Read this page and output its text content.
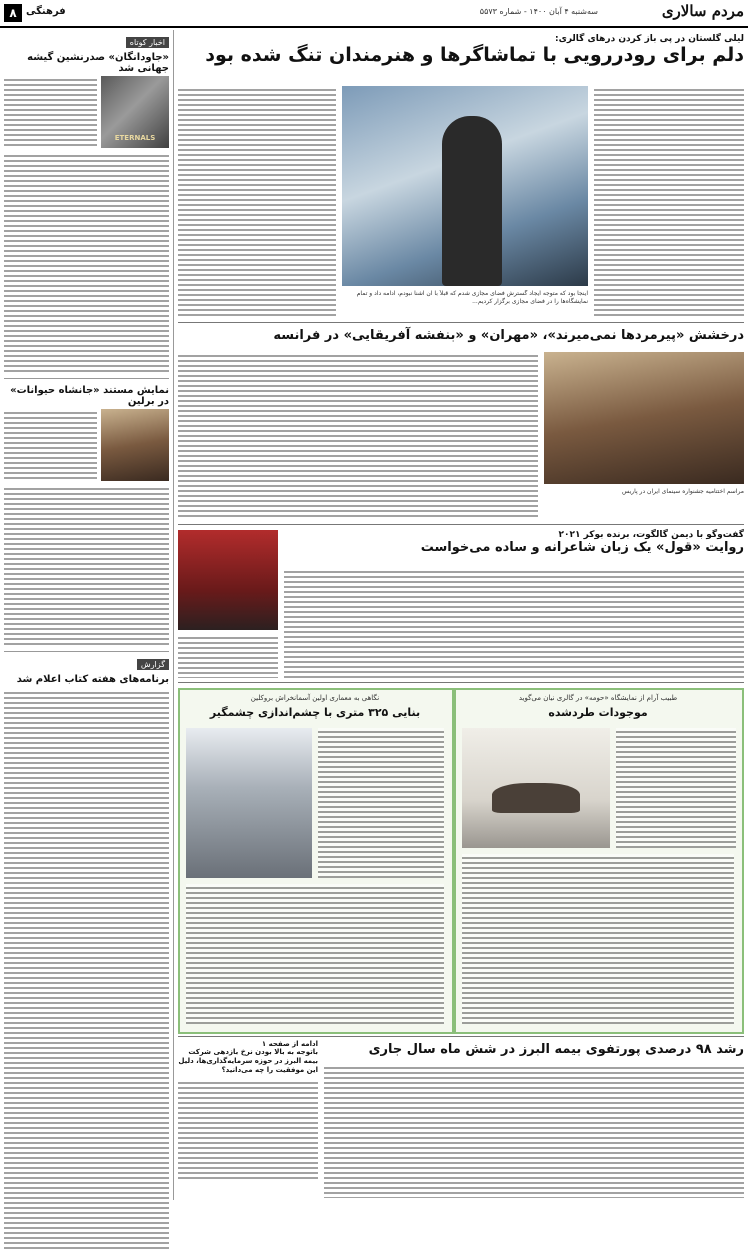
مردم سالاری
سه‌شنبه ۴ آبان ۱۴۰۰ - شماره ۵۵۷۳
فرهنگی
۸
اخبار کوتاه
«جاودانگان» صدرنشین گیشه جهانی شد
ETERNALS
نمایش مستند «جانشاه حیوانات» در برلین
گزارش
برنامه‌های هفته کتاب اعلام شد
لیلی گلستان در پی باز کردن درهای گالری:
دلم برای رودررویی با تماشاگرها و هنرمندان تنگ شده بود
اینجا بود که متوجه ایجاد گسترش فضای مجازی شدم که قبلاً با آن آشنا نبودم، ادامه داد و تمام نمایشگاه‌ها را در فضای مجازی برگزار کردیم...
درخشش «پیرمردها نمی‌میرند»، «مهران» و «بنفشه آفریقایی» در فرانسه
مراسم اختتامیه جشنواره سینمای ایران در پاریس
گفت‌وگو با دیمن گالگوت، برنده بوکر ۲۰۲۱
روایت «قول» یک زبان شاعرانه و ساده می‌خواست
نگاهی به معماری اولین آسمانخراش بروکلین
بنایی ۳۲۵ متری با چشم‌اندازی چشمگیر
طبیب آرام از نمایشگاه «حومه» در گالری نیان می‌گوید
موجودات طردشده
رشد ۹۸ درصدی پورتفوی بیمه البرز در شش ماه سال جاری
ادامه از صفحه ۱
باتوجه به بالا بودن نرخ بازدهی شرکت بیمه البرز در حوزه سرمایه‌گذاری‌ها، دلیل این موفقیت را چه می‌دانید؟
